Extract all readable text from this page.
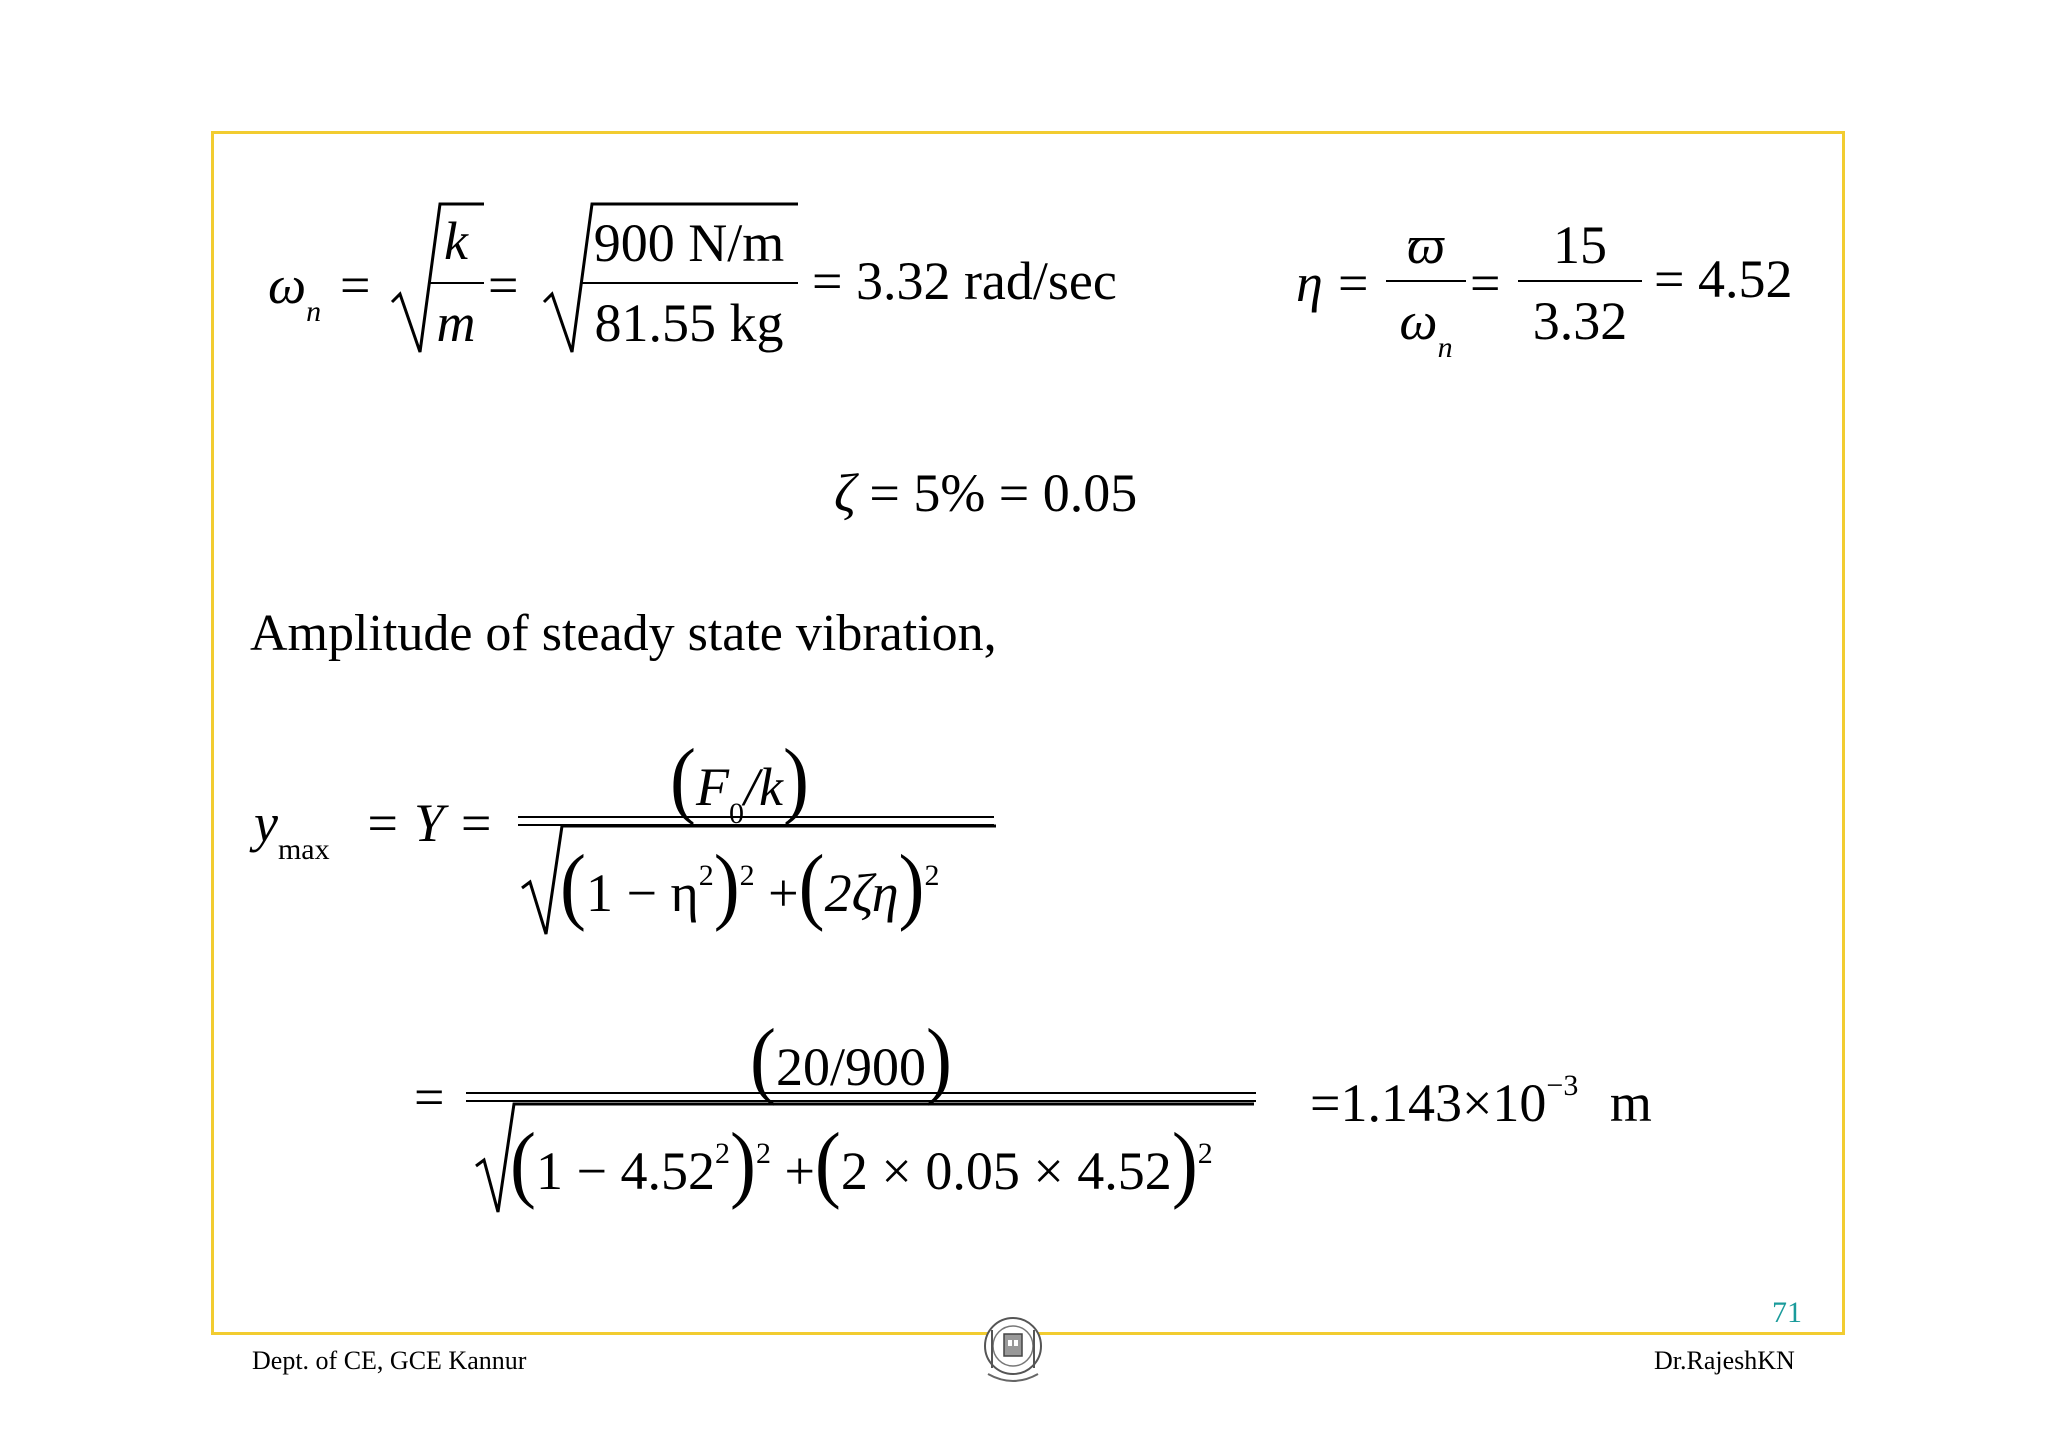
$\omega_n$ =
k
m
=
900 N/m
81.55 kg
= 3.32 rad/sec	η =
ϖ
$\omega_n$
=
15
3.32
= 4.52
ζ = 5% = 0.05
Amplitude of steady state vibration,
$y_{max} = Y = (F_0/k)$
$(1 - \eta^2)^2 +(2\zeta\eta)^2$
=	(20/900)
$(1 - 4.52^2)^2 +(2 \times 0.05 \times 4.52)^2$
$=1.143\times 10^{-3}$ m
71
Dept. of CE, GCE Kannur	Dr.RajeshKN
